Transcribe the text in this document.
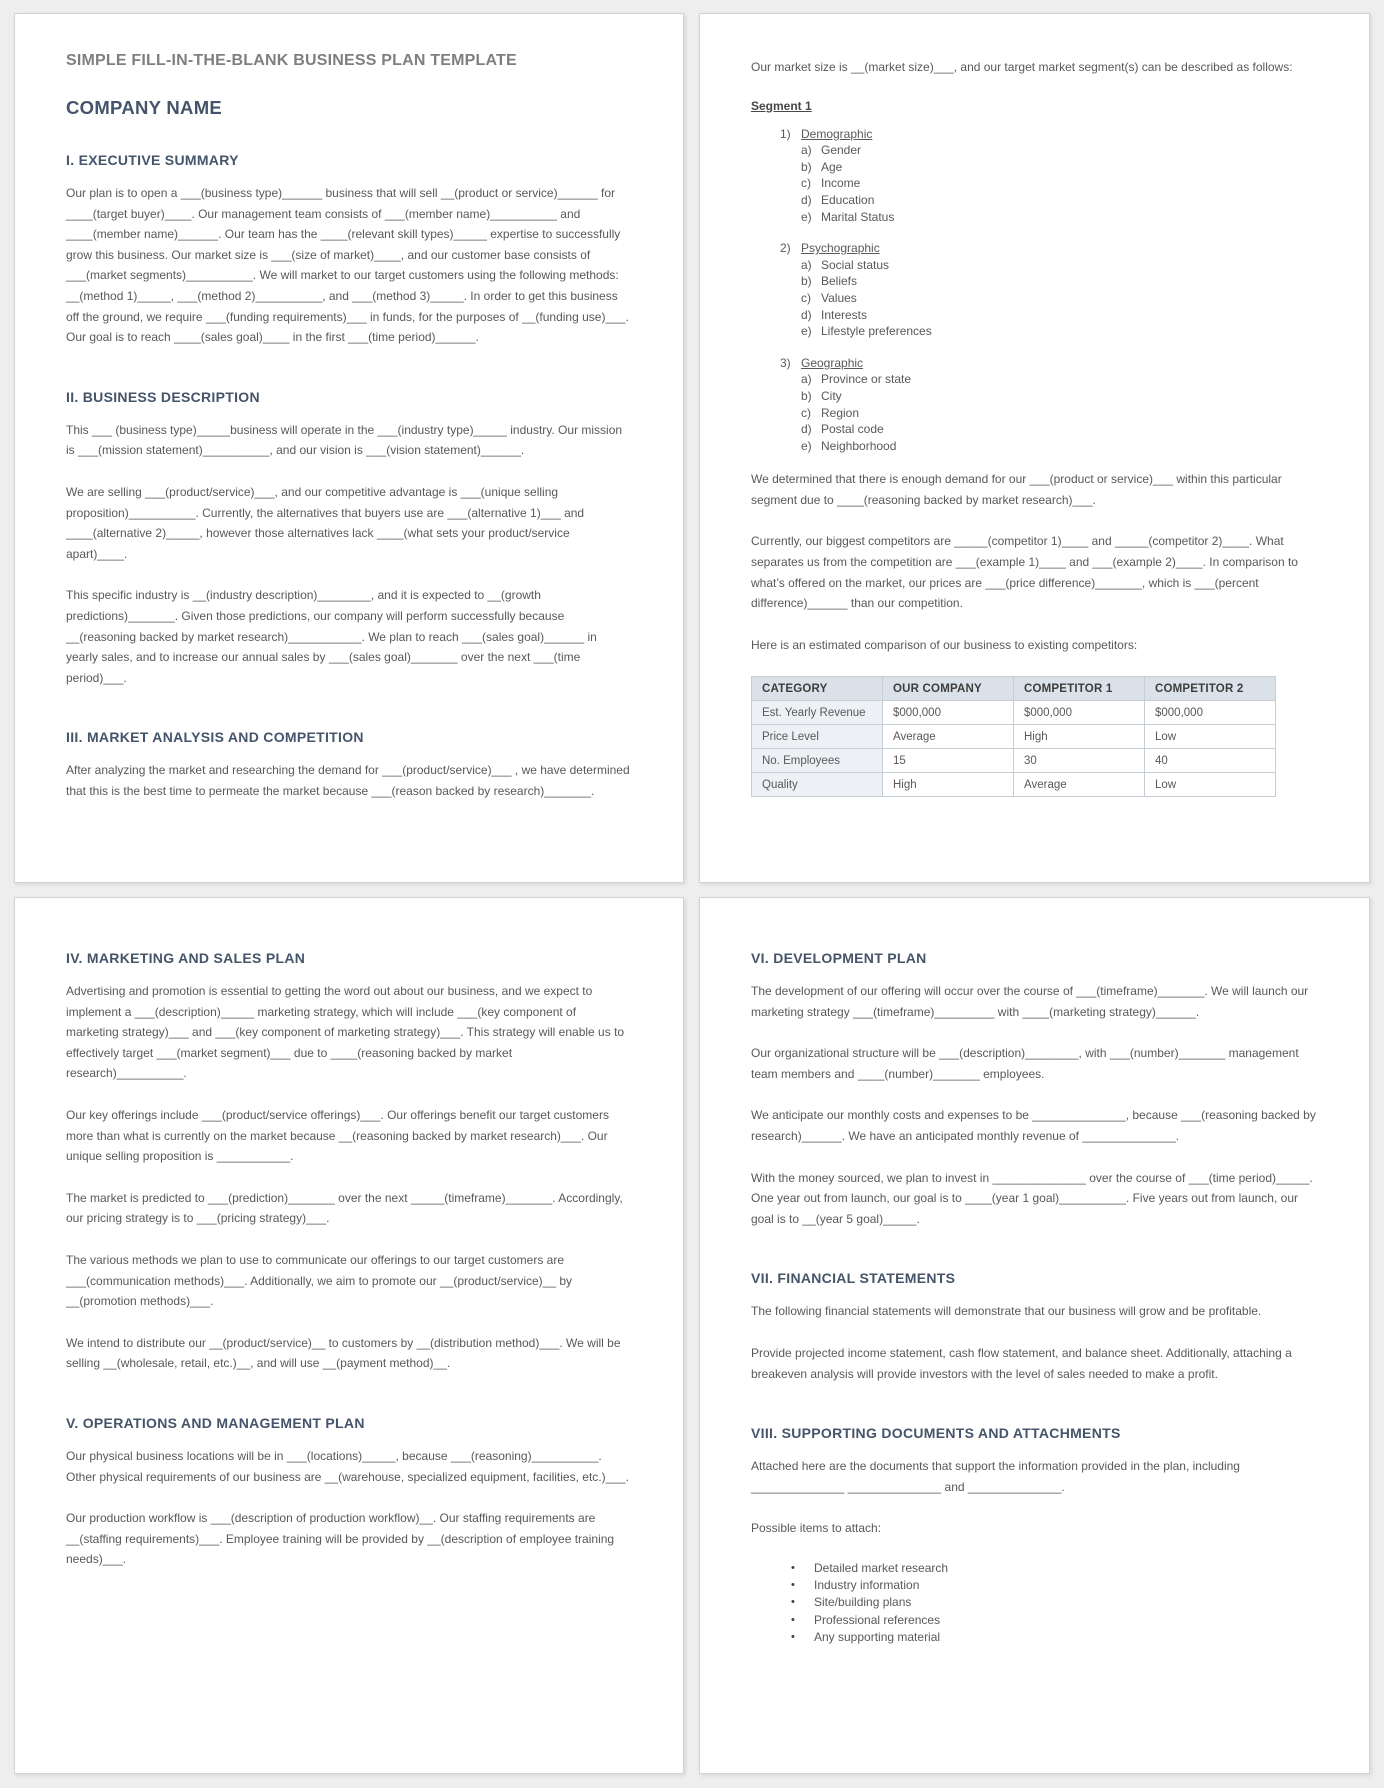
SIMPLE FILL-IN-THE-BLANK BUSINESS PLAN TEMPLATE
COMPANY NAME
I. EXECUTIVE SUMMARY

Our plan is to open a ___(business type)______ business that will sell __(product or service)______ for ____(target buyer)____. Our management team consists of ___(member name)__________ and ____(member name)______. Our team has the ____(relevant skill types)_____ expertise to successfully grow this business. Our market size is ___(size of market)____, and our customer base consists of ___(market segments)__________. We will market to our target customers using the following methods: __(method 1)_____, ___(method 2)__________, and ___(method 3)_____. In order to get this business off the ground, we require ___(funding requirements)___ in funds, for the purposes of __(funding use)___. Our goal is to reach ____(sales goal)____ in the first ___(time period)______.

II. BUSINESS DESCRIPTION

This ___ (business type)_____business will operate in the ___(industry type)_____ industry. Our mission is ___(mission statement)__________, and our vision is ___(vision statement)______.

We are selling ___(product/service)___, and our competitive advantage is ___(unique selling proposition)__________. Currently, the alternatives that buyers use are ___(alternative 1)___ and ____(alternative 2)_____, however those alternatives lack ____(what sets your product/service apart)____.

This specific industry is __(industry description)________, and it is expected to __(growth predictions)_______. Given those predictions, our company will perform successfully because __(reasoning backed by market research)___________. We plan to reach ___(sales goal)______ in yearly sales, and to increase our annual sales by ___(sales goal)_______ over the next ___(time period)___.

III. MARKET ANALYSIS AND COMPETITION

After analyzing the market and researching the demand for ___(product/service)___ , we have determined that this is the best time to permeate the market because ___(reason backed by research)_______.

Our market size is __(market size)___, and our target market segment(s) can be described as follows:

Segment 1
1) Demographic
a) Gender
b) Age
c) Income
d) Education
e) Marital Status
2) Psychographic
a) Social status
b) Beliefs
c) Values
d) Interests
e) Lifestyle preferences
3) Geographic
a) Province or state
b) City
c) Region
d) Postal code
e) Neighborhood

We determined that there is enough demand for our ___(product or service)___ within this particular segment due to ____(reasoning backed by market research)___.

Currently, our biggest competitors are _____(competitor 1)____ and _____(competitor 2)____. What separates us from the competition are ___(example 1)____ and ___(example 2)____. In comparison to what’s offered on the market, our prices are ___(price difference)_______, which is ___(percent difference)______ than our competition.

Here is an estimated comparison of our business to existing competitors:

CATEGORY	OUR COMPANY	COMPETITOR 1	COMPETITOR 2
Est. Yearly Revenue	$000,000	$000,000	$000,000
Price Level	Average	High	Low
No. Employees	15	30	40
Quality	High	Average	Low
IV. MARKETING AND SALES PLAN

Advertising and promotion is essential to getting the word out about our business, and we expect to implement a ___(description)_____ marketing strategy, which will include ___(key component of marketing strategy)___ and ___(key component of marketing strategy)___. This strategy will enable us to effectively target ___(market segment)___ due to ____(reasoning backed by market research)__________.

Our key offerings include ___(product/service offerings)___. Our offerings benefit our target customers more than what is currently on the market because __(reasoning backed by market research)___. Our unique selling proposition is ___________.

The market is predicted to ___(prediction)_______ over the next _____(timeframe)_______. Accordingly, our pricing strategy is to ___(pricing strategy)___.

The various methods we plan to use to communicate our offerings to our target customers are ___(communication methods)___. Additionally, we aim to promote our __(product/service)__ by __(promotion methods)___.

We intend to distribute our __(product/service)__ to customers by __(distribution method)___. We will be selling __(wholesale, retail, etc.)__, and will use __(payment method)__.

V. OPERATIONS AND MANAGEMENT PLAN

Our physical business locations will be in ___(locations)_____, because ___(reasoning)__________. Other physical requirements of our business are __(warehouse, specialized equipment, facilities, etc.)___.

Our production workflow is ___(description of production workflow)__. Our staffing requirements are __(staffing requirements)___. Employee training will be provided by __(description of employee training needs)___.

VI. DEVELOPMENT PLAN

The development of our offering will occur over the course of ___(timeframe)_______. We will launch our marketing strategy ___(timeframe)_________ with ____(marketing strategy)______.

Our organizational structure will be ___(description)________, with ___(number)_______ management team members and ____(number)_______ employees.

We anticipate our monthly costs and expenses to be ______________, because ___(reasoning backed by research)______. We have an anticipated monthly revenue of ______________.

With the money sourced, we plan to invest in ______________ over the course of ___(time period)_____. One year out from launch, our goal is to ____(year 1 goal)__________. Five years out from launch, our goal is to __(year 5 goal)_____.

VII. FINANCIAL STATEMENTS

The following financial statements will demonstrate that our business will grow and be profitable.

Provide projected income statement, cash flow statement, and balance sheet. Additionally, attaching a breakeven analysis will provide investors with the level of sales needed to make a profit.

VIII. SUPPORTING DOCUMENTS AND ATTACHMENTS

Attached here are the documents that support the information provided in the plan, including ______________ ______________ and ______________.

Possible items to attach:

•	Detailed market research
•	Industry information
•	Site/building plans
•	Professional references
•	Any supporting material
